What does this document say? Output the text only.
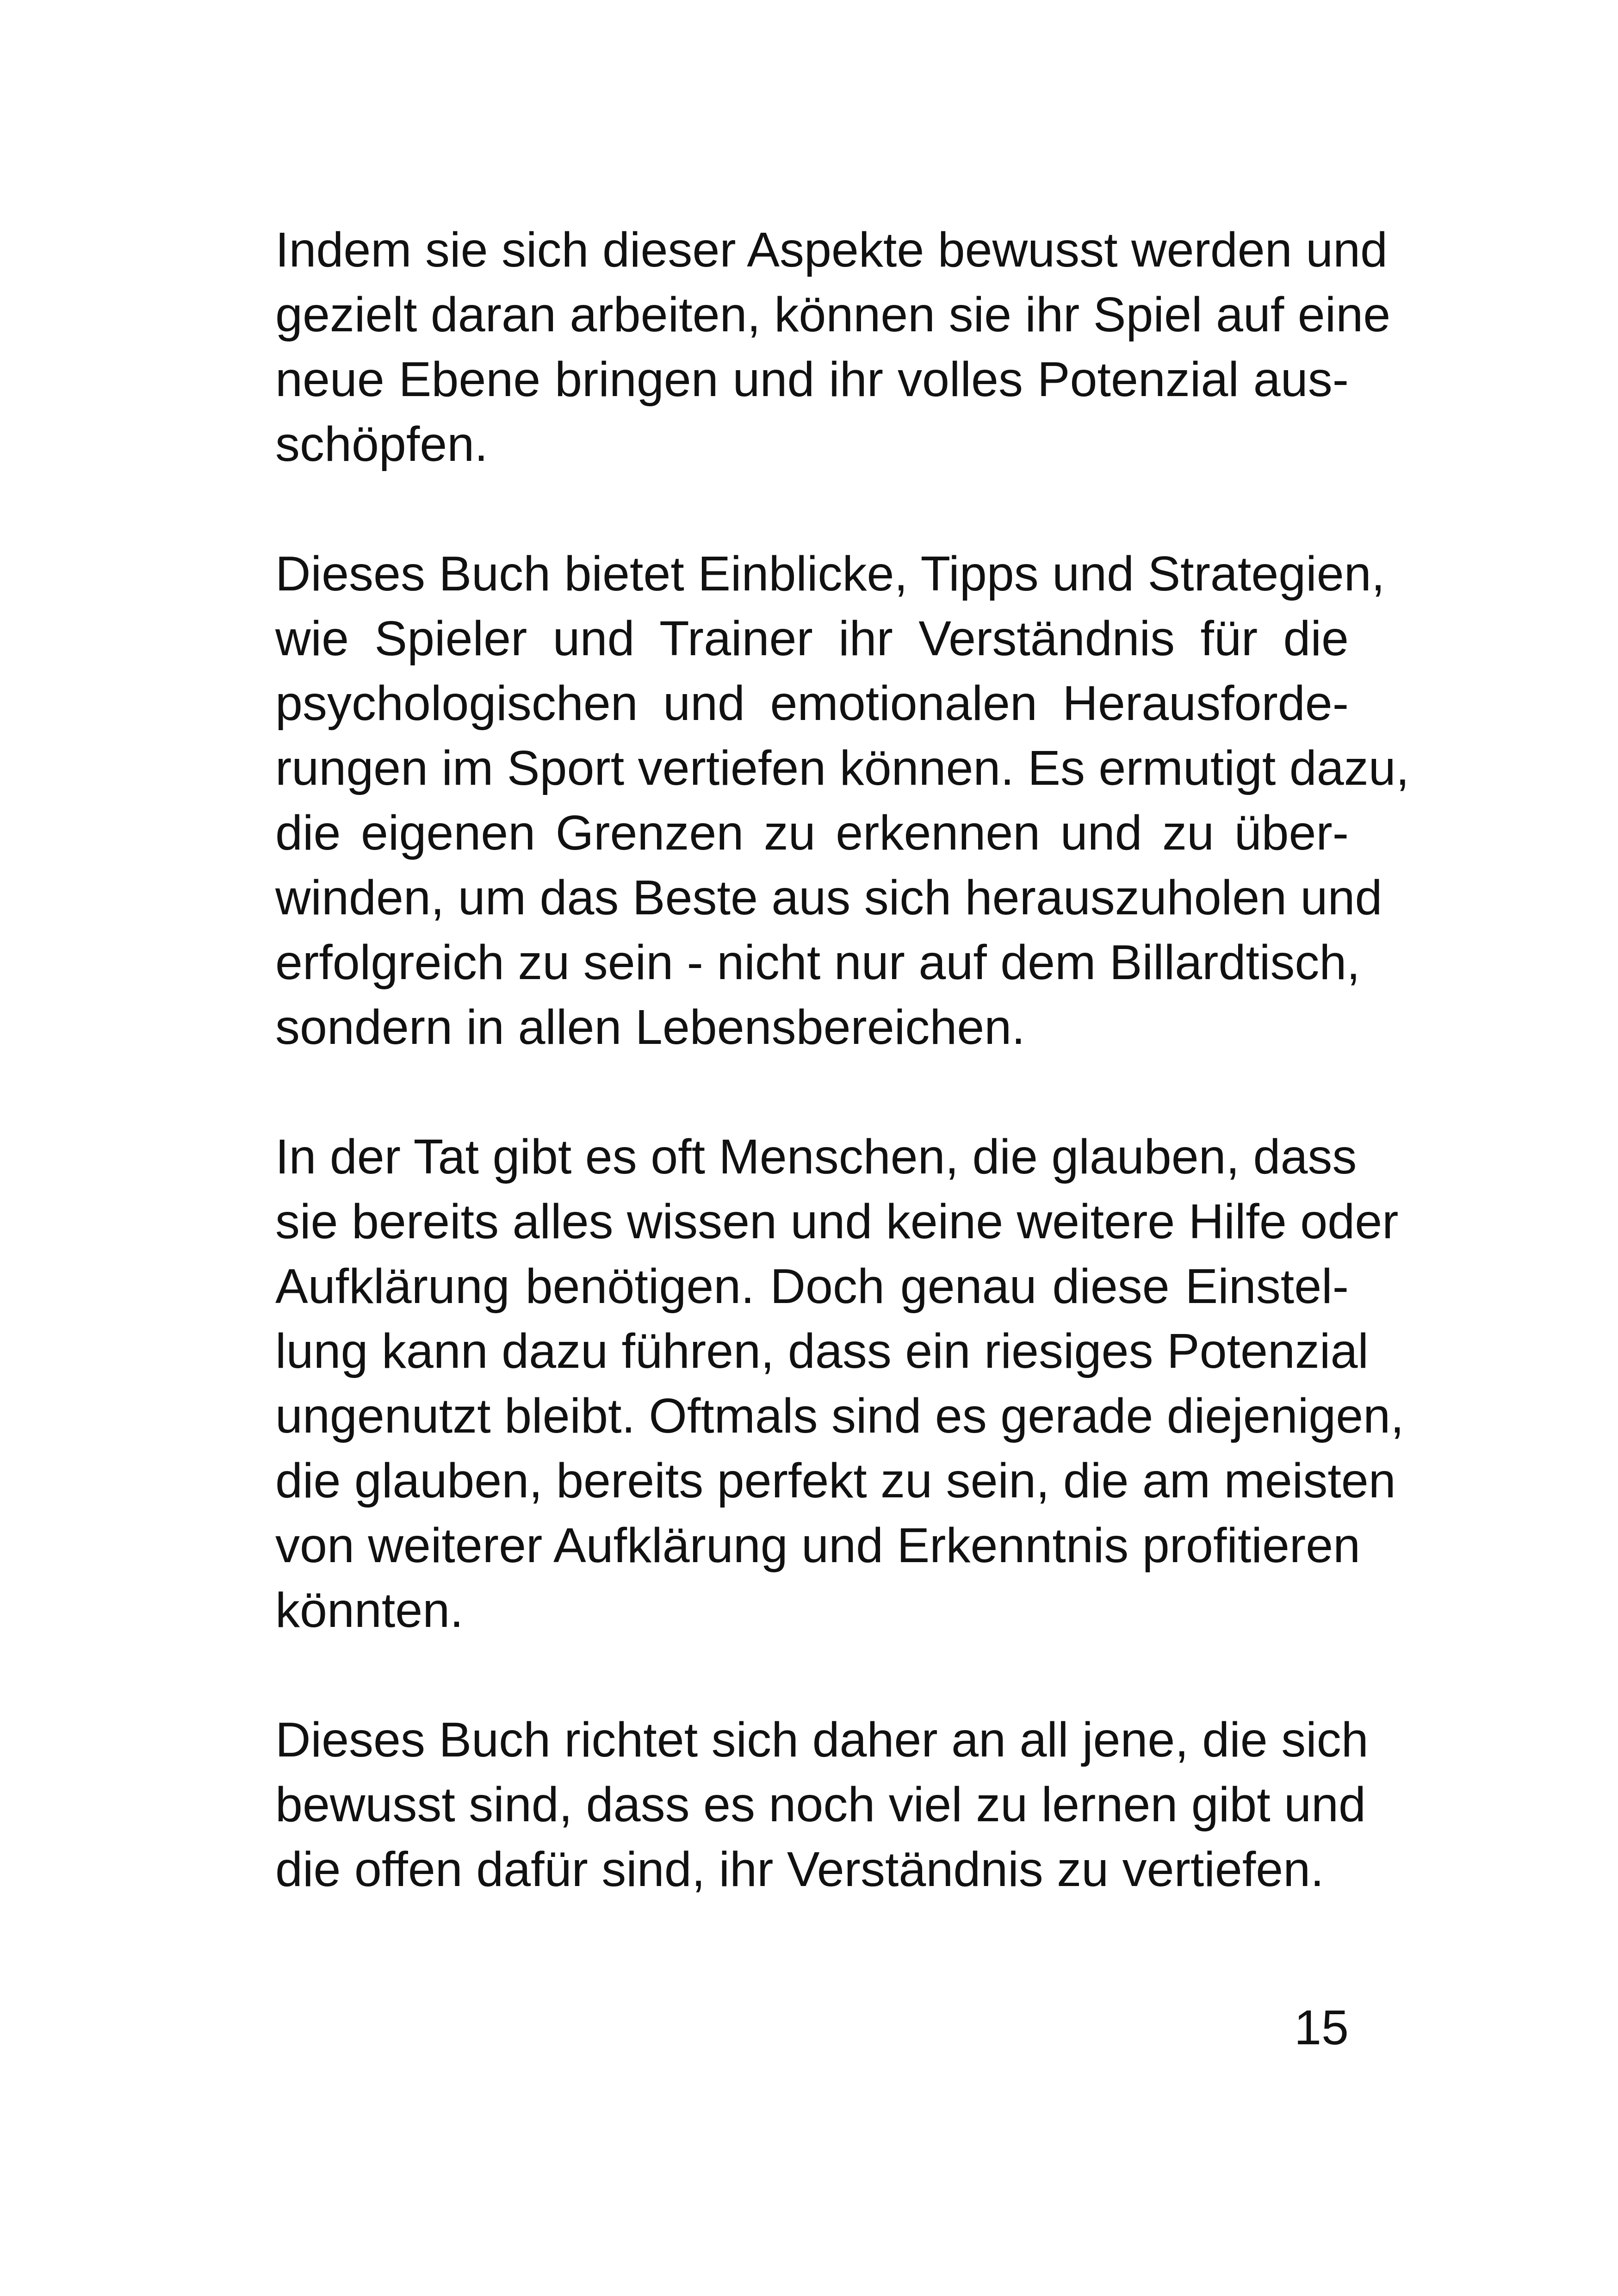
Indem sie sich dieser Aspekte bewusst werden und
gezielt daran arbeiten, können sie ihr Spiel auf eine
neue Ebene bringen und ihr volles Potenzial aus-
schöpfen.

Dieses Buch bietet Einblicke, Tipps und Strategien,
wie Spieler und Trainer ihr Verständnis für die
psychologischen und emotionalen Herausforde-
rungen im Sport vertiefen können. Es ermutigt dazu,
die eigenen Grenzen zu erkennen und zu über-
winden, um das Beste aus sich herauszuholen und
erfolgreich zu sein - nicht nur auf dem Billardtisch,
sondern in allen Lebensbereichen.

In der Tat gibt es oft Menschen, die glauben, dass
sie bereits alles wissen und keine weitere Hilfe oder
Aufklärung benötigen. Doch genau diese Einstel-
lung kann dazu führen, dass ein riesiges Potenzial
ungenutzt bleibt. Oftmals sind es gerade diejenigen,
die glauben, bereits perfekt zu sein, die am meisten
von weiterer Aufklärung und Erkenntnis profitieren
könnten.

Dieses Buch richtet sich daher an all jene, die sich
bewusst sind, dass es noch viel zu lernen gibt und
die offen dafür sind, ihr Verständnis zu vertiefen.

15
